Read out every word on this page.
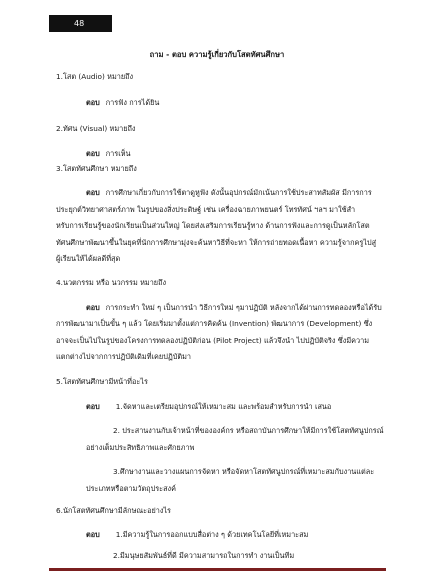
48
ถาม - ตอบ ความรู้เกี่ยวกับโสตทัศนศึกษา
1.โสต (Audio) หมายถึง
ตอบ การฟัง การได้ยิน
2.ทัศน (Visual) หมายถึง
ตอบ การเห็น
3.โสตทัศนศึกษา หมายถึง
ตอบ การศึกษาเกี่ยวกับการใช้ตาดูหูฟัง ดังนั้นอุปกรณ์มักเน้นการใช้ประสาทสัมผัส มีการการ
ประยุกต์วิทยาศาสตร์ภาพ ในรูปของสิ่งประดิษฐ์ เช่น เครื่องฉายภาพยนตร์ โทรทัศน์ ฯลฯ มาใช้สำ
หรับการเรียนรู้ของนักเรียนเป็นส่วนใหญ่ โดยส่งเสริมการเรียนรู้ทาง ด้านการฟังและการดูเป็นหลักโสต
ทัศนศึกษาพัฒนาขึ้นในยุคที่นักการศึกษามุ่งจะค้นหาวิธีที่จะหา ให้การถ่ายทอดเนื้อหา ความรู้จากครูไปสู่
ผู้เรียนให้ได้ผลดีที่สุด
4.นวตกรรม หรือ นวกรรม หมายถึง
ตอบ การกระทำ ใหม่ ๆ เป็นการนำ วิธีการใหม่ ๆมาปฏิบัติ หลังจากได้ผ่านการทดลองหรือได้รับ
การพัฒนามาเป็นขั้น ๆ แล้ว โดยเริ่มมาตั้งแต่การคิดค้น (Invention) พัฒนาการ (Development) ซึ่ง
อาจจะเป็นไปในรูปของโครงการทดลองปฏิบัติก่อน (Pilot Project) แล้วจึงนำ ไปปฏิบัติจริง ซึ่งมีความ
แตกต่างไปจากการปฏิบัติเดิมที่เคยปฏิบัติมา
5.โสตทัศนศึกษามีหน้าที่อะไร
ตอบ 1.จัดหาและเตรียมอุปกรณ์ให้เหมาะสม และพร้อมสำหรับการนำ เสนอ
2. ประสานงานกับเจ้าหน้าที่ขององค์กร หรือสถาบันการศึกษาให้มีการใช้โสตทัศนูปกรณ์
อย่างเต็มประสิทธิภาพและศักยภาพ
3.ศึกษางานและวางแผนการจัดหา หรือจัดหาโสตทัศนูปกรณ์ที่เหมาะสมกับงานแต่ละ
ประเภทหรือตามวัตถุประสงค์
6.นักโสตทัศนศึกษามีลักษณะอย่างไร
ตอบ 1.มีความรู้ในการออกแบบสื่อต่าง ๆ ด้วยเทคโนโลยีที่เหมาะสม
2.มีมนุษยสัมพันธ์ที่ดี มีความสามารถในการทำ งานเป็นทีม
